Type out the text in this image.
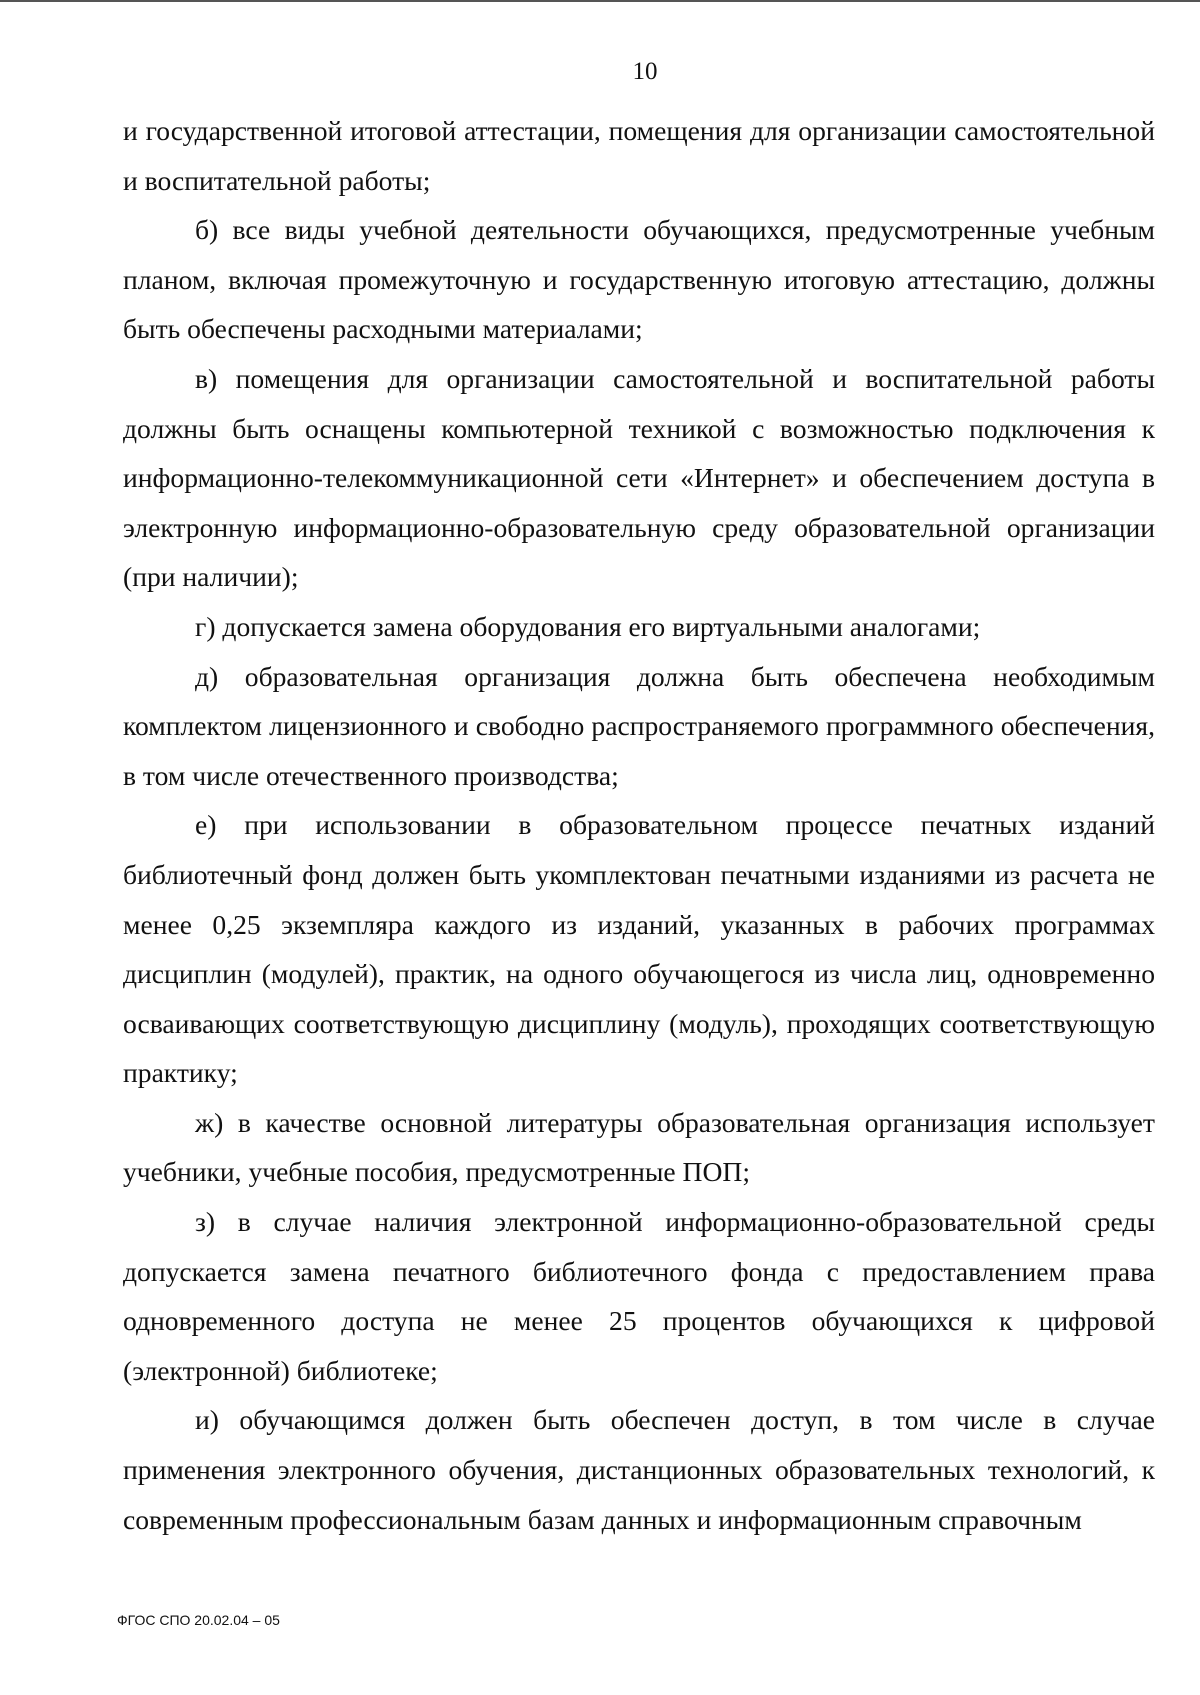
10

и государственной итоговой аттестации, помещения для организации самостоятельной и воспитательной работы;

б) все виды учебной деятельности обучающихся, предусмотренные учебным планом, включая промежуточную и государственную итоговую аттестацию, должны быть обеспечены расходными материалами;

в) помещения для организации самостоятельной и воспитательной работы должны быть оснащены компьютерной техникой с возможностью подключения к информационно-телекоммуникационной сети «Интернет» и обеспечением доступа в электронную информационно-образовательную среду образовательной организации (при наличии);

г) допускается замена оборудования его виртуальными аналогами;

д) образовательная организация должна быть обеспечена необходимым комплектом лицензионного и свободно распространяемого программного обеспечения, в том числе отечественного производства;

е) при использовании в образовательном процессе печатных изданий библиотечный фонд должен быть укомплектован печатными изданиями из расчета не менее 0,25 экземпляра каждого из изданий, указанных в рабочих программах дисциплин (модулей), практик, на одного обучающегося из числа лиц, одновременно осваивающих соответствующую дисциплину (модуль), проходящих соответствующую практику;

ж) в качестве основной литературы образовательная организация использует учебники, учебные пособия, предусмотренные ПОП;

з) в случае наличия электронной информационно-образовательной среды допускается замена печатного библиотечного фонда с предоставлением права одновременного доступа не менее 25 процентов обучающихся к цифровой (электронной) библиотеке;

и) обучающимся должен быть обеспечен доступ, в том числе в случае применения электронного обучения, дистанционных образовательных технологий, к современным профессиональным базам данных и информационным справочным

ФГОС СПО 20.02.04 – 05
